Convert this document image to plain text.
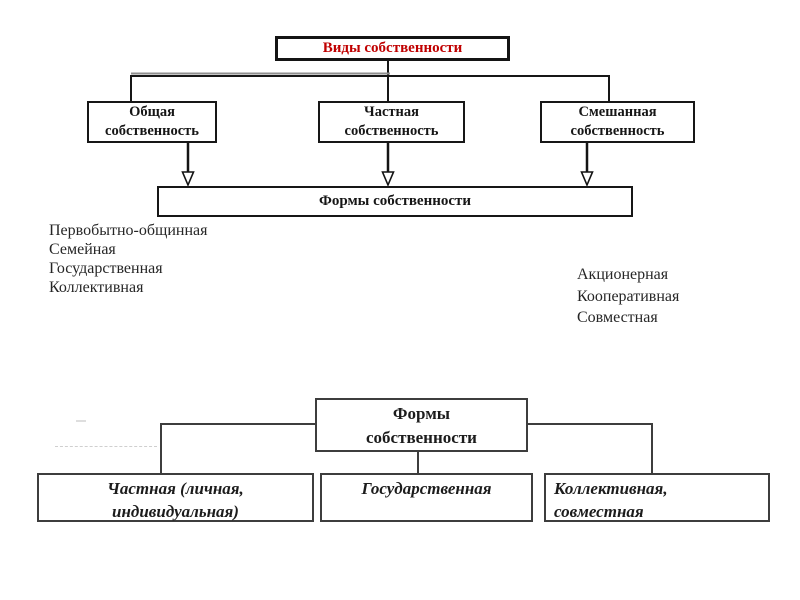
Виды собственности
Общая
собственность
Частная
собственность
Смешанная
собственность
Формы собственности
Первобытно-общинная
Семейная
Государственная
Коллективная
Акционерная
Кооперативная
Совместная
Формы
собственности
Частная (личная,
индивидуальная)
Государственная	Коллективная,
совместная
